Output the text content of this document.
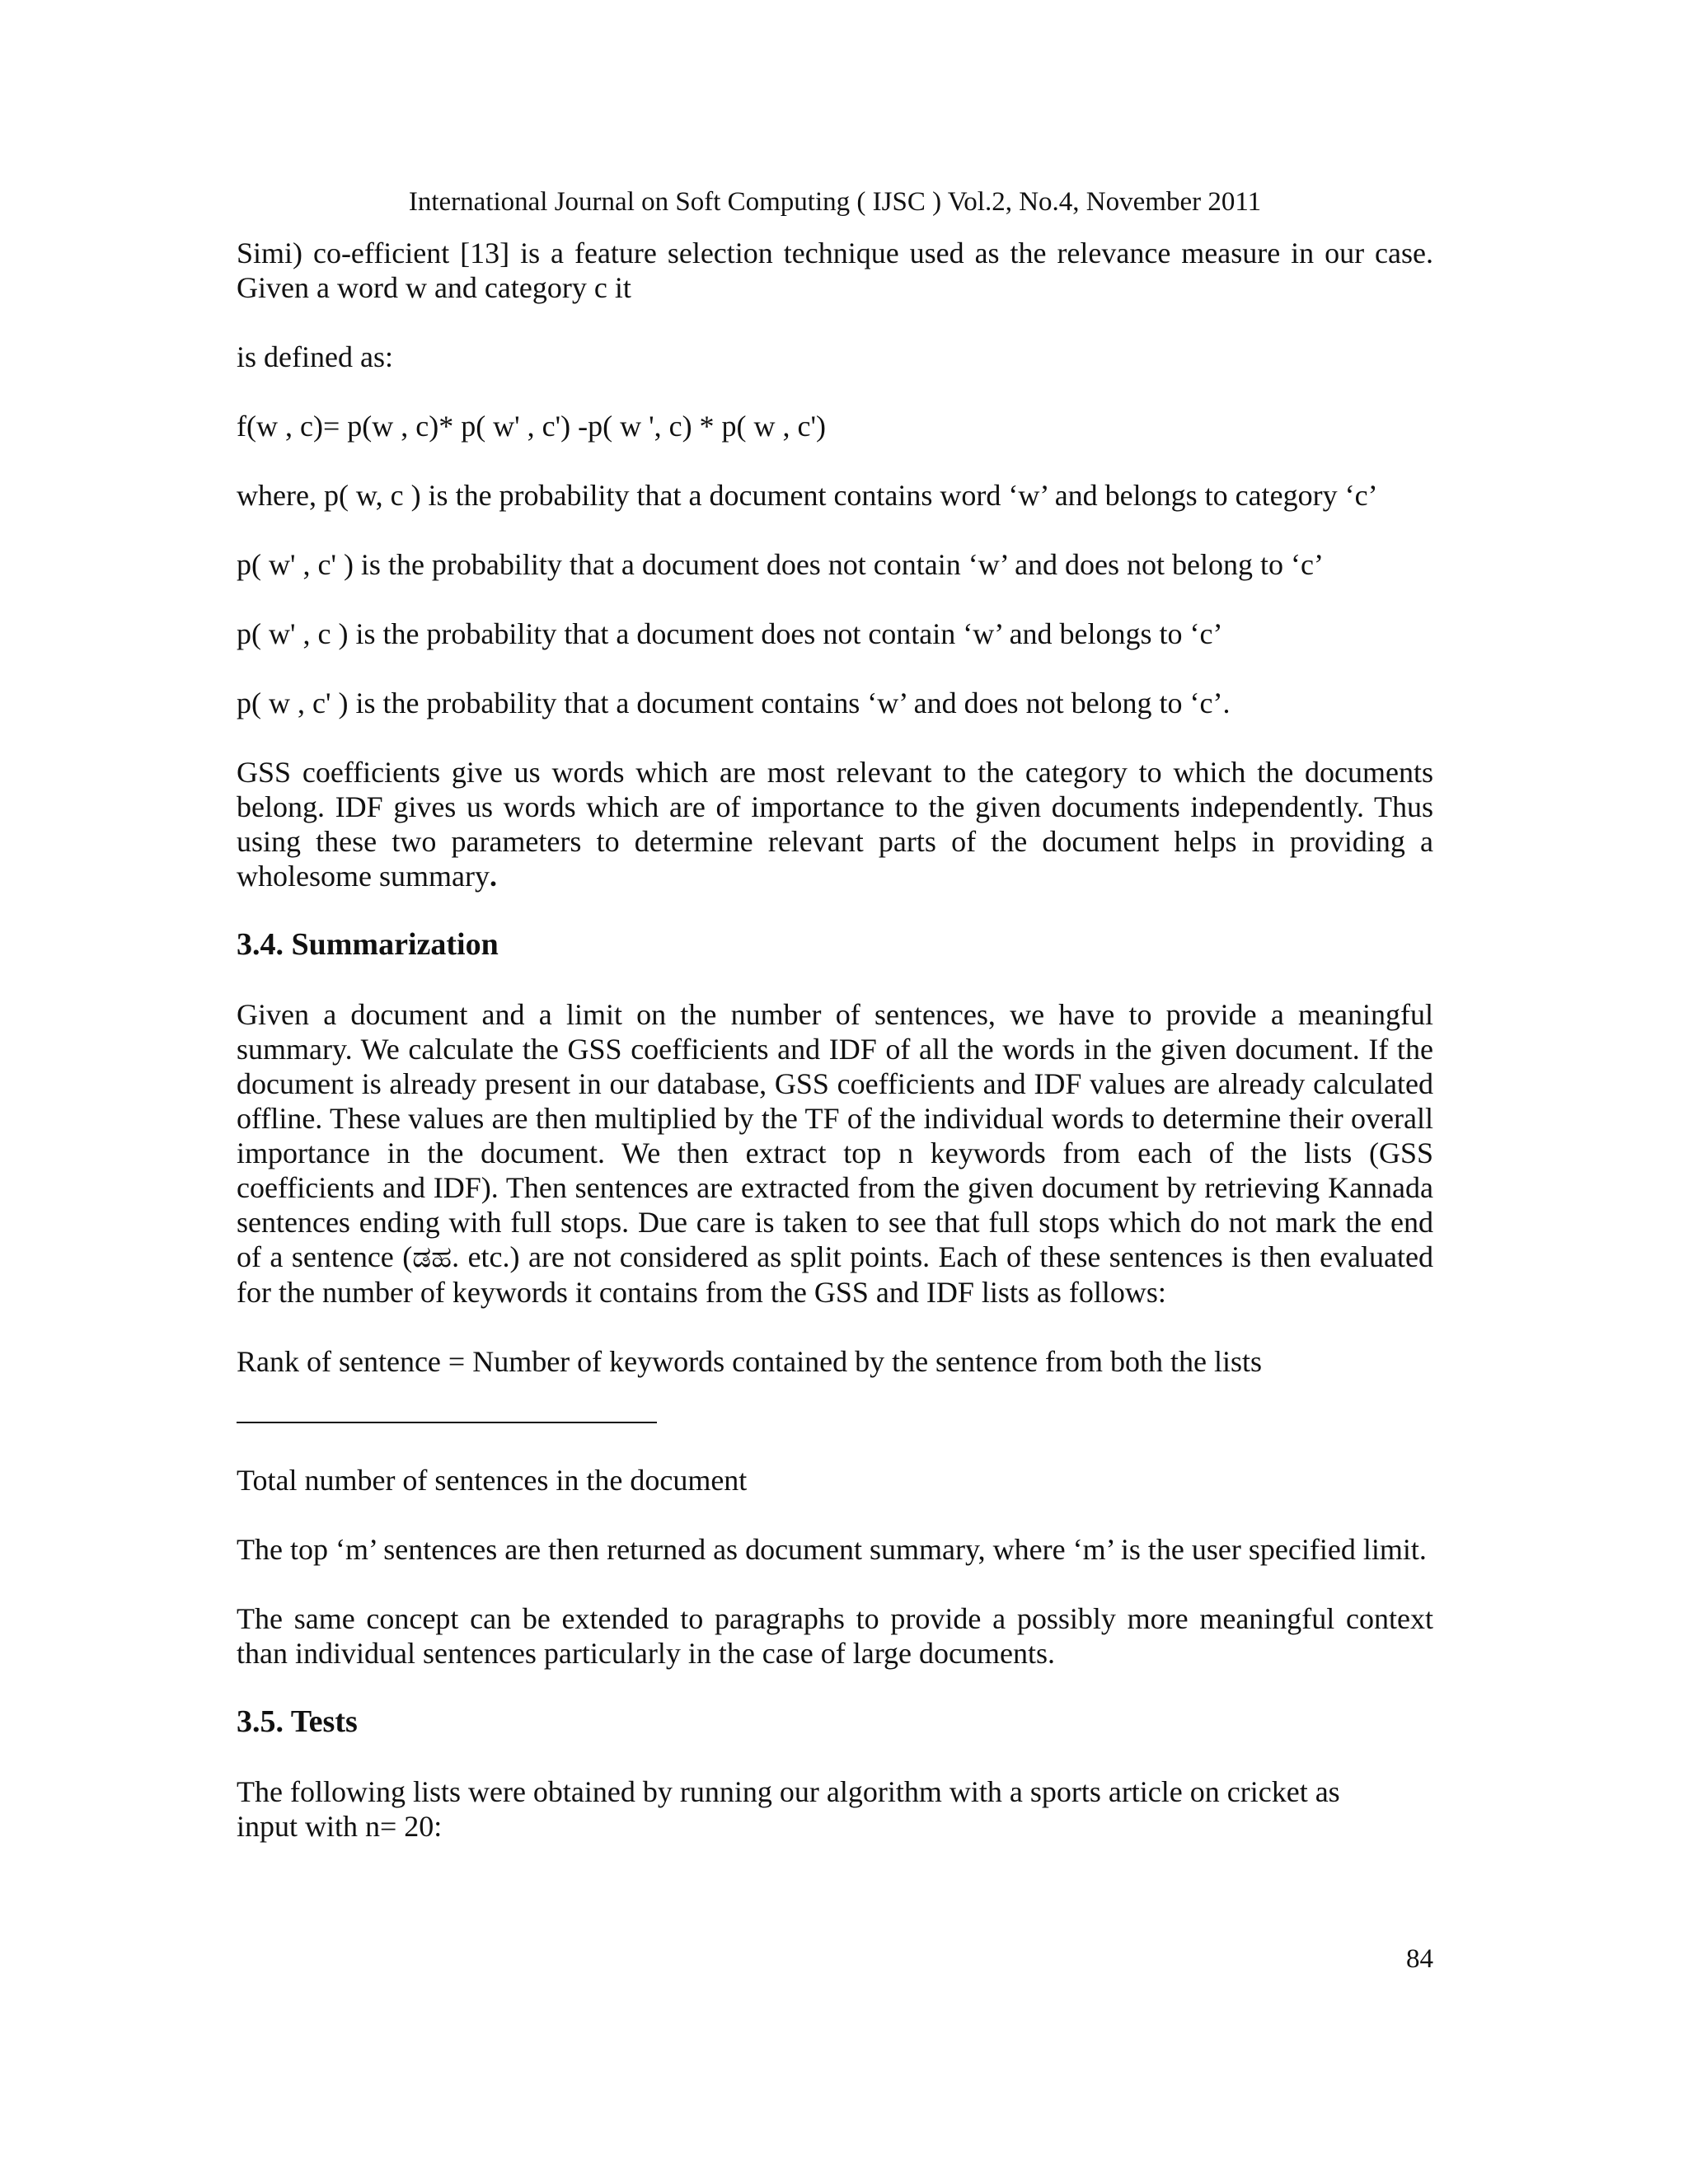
International Journal on Soft Computing ( IJSC ) Vol.2, No.4, November 2011

Simi) co-efficient [13] is a feature selection technique used as the relevance measure in our case. Given a word w and category c it

is defined as:

f(w , c)= p(w , c)* p( w' , c') -p( w ', c) * p( w , c')

where, p( w, c ) is the probability that a document contains word ‘w’ and belongs to category ‘c’

p( w' , c' ) is the probability that a document does not contain ‘w’ and does not belong to ‘c’

p( w' , c ) is the probability that a document does not contain ‘w’ and belongs to ‘c’

p( w , c' ) is the probability that a document contains ‘w’ and does not belong to ‘c’.

GSS coefficients give us words which are most relevant to the category to which the documents belong. IDF gives us words which are of importance to the given documents independently. Thus using these two parameters to determine relevant parts of the document helps in providing a wholesome summary.

3.4. Summarization

Given a document and a limit on the number of sentences, we have to provide a meaningful summary. We calculate the GSS coefficients and IDF of all the words in the given document. If the document is already present in our database, GSS coefficients and IDF values are already calculated offline. These values are then multiplied by the TF of the individual words to determine their overall importance in the document. We then extract top n keywords from each of the lists (GSS coefficients and IDF). Then sentences are extracted from the given document by retrieving Kannada sentences ending with full stops. Due care is taken to see that full stops which do not mark the end of a sentence (ಡಹ. etc.) are not considered as split points. Each of these sentences is then evaluated for the number of keywords it contains from the GSS and IDF lists as follows:

Rank of sentence = Number of keywords contained by the sentence from both the lists

Total number of sentences in the document

The top ‘m’ sentences are then returned as document summary, where ‘m’ is the user specified limit.

The same concept can be extended to paragraphs to provide a possibly more meaningful context than individual sentences particularly in the case of large documents.

3.5. Tests

The following lists were obtained by running our algorithm with a sports article on cricket as
input with n= 20:

84
